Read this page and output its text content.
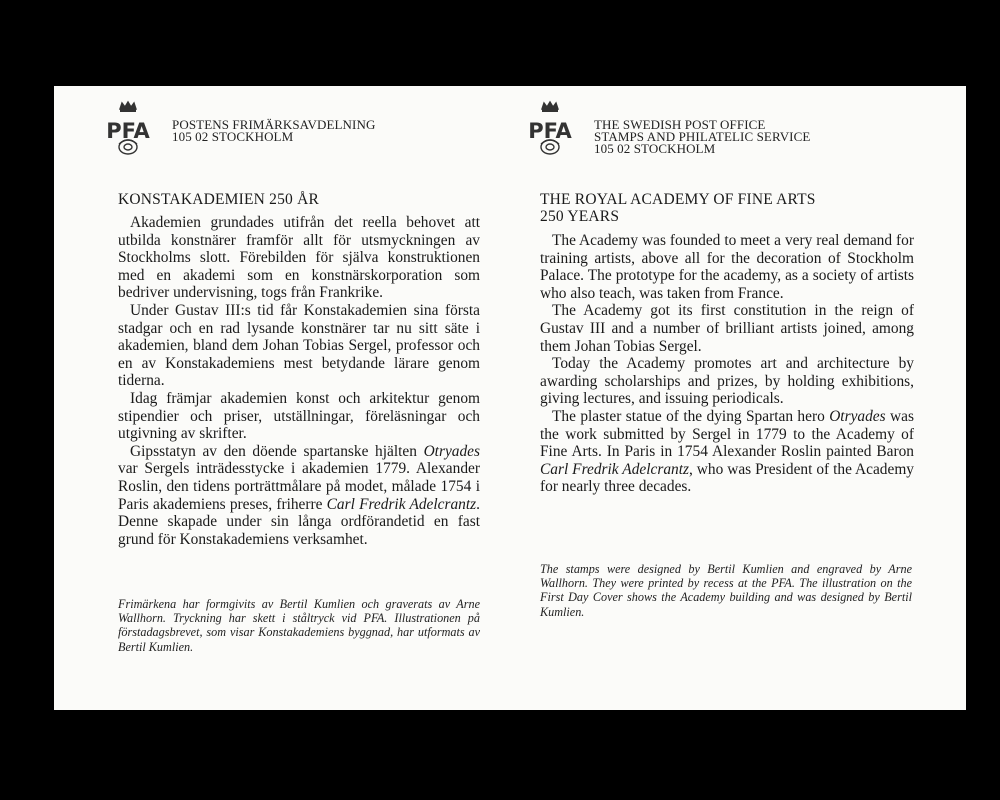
PFA POSTENS FRIMÄRKSAVDELNING
105 02 STOCKHOLM
KONSTAKADEMIEN 250 ÅR

Akademien grundades utifrån det reella behovet att utbilda konstnärer framför allt för utsmyckningen av Stockholms slott. Förebilden för själva konstruktionen med en akademi som en konstnärskorporation som bedriver undervisning, togs från Frankrike.

Under Gustav III:s tid får Konstakademien sina första stadgar och en rad lysande konstnärer tar nu sitt säte i akademien, bland dem Johan Tobias Sergel, professor och en av Konstakademiens mest betydande lärare genom tiderna.

Idag främjar akademien konst och arkitektur genom stipendier och priser, utställningar, föreläsningar och utgivning av skrifter.

Gipsstatyn av den döende spartanske hjälten Otryades var Sergels inträdesstycke i akademien 1779. Alexander Roslin, den tidens porträttmålare på modet, målade 1754 i Paris akademiens preses, friherre Carl Fredrik Adelcrantz. Denne skapade under sin långa ordförandetid en fast grund för Konstakademiens verksamhet.

Frimärkena har formgivits av Bertil Kumlien och graverats av Arne Wallhorn. Tryckning har skett i ståltryck vid PFA. Illustrationen på förstadagsbrevet, som visar Konstakademiens byggnad, har utformats av Bertil Kumlien.
PFA THE SWEDISH POST OFFICE
STAMPS AND PHILATELIC SERVICE
105 02 STOCKHOLM
THE ROYAL ACADEMY OF FINE ARTS
250 YEARS

The Academy was founded to meet a very real demand for training artists, above all for the decoration of Stockholm Palace. The prototype for the academy, as a society of artists who also teach, was taken from France.

The Academy got its first constitution in the reign of Gustav III and a number of brilliant artists joined, among them Johan Tobias Sergel.

Today the Academy promotes art and architecture by awarding scholarships and prizes, by holding exhibitions, giving lectures, and issuing periodicals.

The plaster statue of the dying Spartan hero Otryades was the work submitted by Sergel in 1779 to the Academy of Fine Arts. In Paris in 1754 Alexander Roslin painted Baron Carl Fredrik Adelcrantz, who was President of the Academy for nearly three decades.

The stamps were designed by Bertil Kumlien and engraved by Arne Wallhorn. They were printed by recess at the PFA. The illustration on the First Day Cover shows the Academy building and was designed by Bertil Kumlien.
